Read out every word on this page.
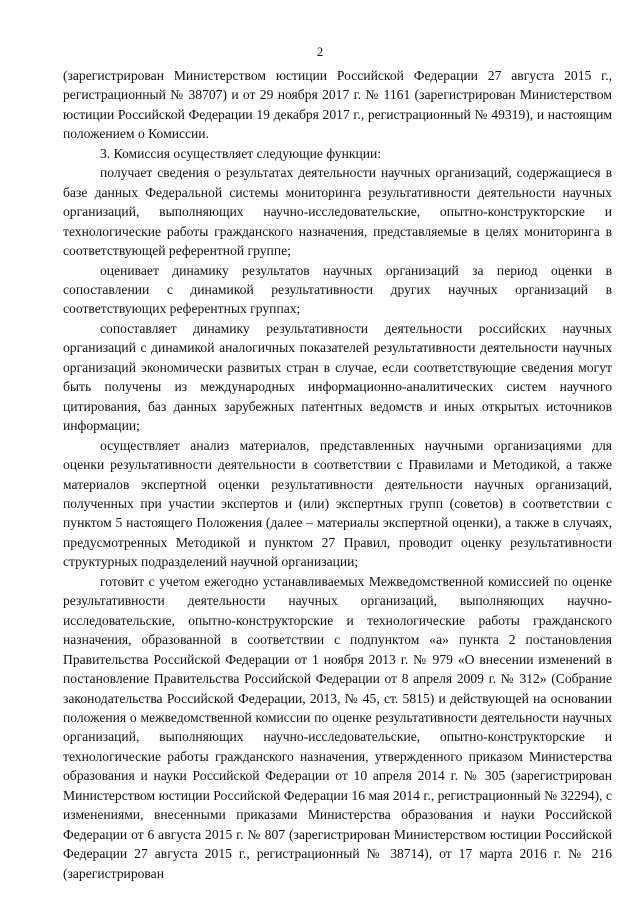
2

(зарегистрирован Министерством юстиции Российской Федерации 27 августа 2015 г., регистрационный № 38707) и от 29 ноября 2017 г. № 1161 (зарегистрирован Министерством юстиции Российской Федерации 19 декабря 2017 г., регистрационный № 49319), и настоящим положением о Комиссии.

3. Комиссия осуществляет следующие функции:

получает сведения о результатах деятельности научных организаций, содержащиеся в базе данных Федеральной системы мониторинга результативности деятельности научных организаций, выполняющих научно-исследовательские, опытно-конструкторские и технологические работы гражданского назначения, представляемые в целях мониторинга в соответствующей референтной группе;

оценивает динамику результатов научных организаций за период оценки в сопоставлении с динамикой результативности других научных организаций в соответствующих референтных группах;

сопоставляет динамику результативности деятельности российских научных организаций с динамикой аналогичных показателей результативности деятельности научных организаций экономически развитых стран в случае, если соответствующие сведения могут быть получены из международных информационно-аналитических систем научного цитирования, баз данных зарубежных патентных ведомств и иных открытых источников информации;

осуществляет анализ материалов, представленных научными организациями для оценки результативности деятельности в соответствии с Правилами и Методикой, а также материалов экспертной оценки результативности деятельности научных организаций, полученных при участии экспертов и (или) экспертных групп (советов) в соответствии с пунктом 5 настоящего Положения (далее – материалы экспертной оценки), а также в случаях, предусмотренных Методикой и пунктом 27 Правил, проводит оценку результативности структурных подразделений научной организации;

готовит с учетом ежегодно устанавливаемых Межведомственной комиссией по оценке результативности деятельности научных организаций, выполняющих научно-исследовательские, опытно-конструкторские и технологические работы гражданского назначения, образованной в соответствии с подпунктом «а» пункта 2 постановления Правительства Российской Федерации от 1 ноября 2013 г. № 979 «О внесении изменений в постановление Правительства Российской Федерации от 8 апреля 2009 г. № 312» (Собрание законодательства Российской Федерации, 2013, № 45, ст. 5815) и действующей на основании положения о межведомственной комиссии по оценке результативности деятельности научных организаций, выполняющих научно-исследовательские, опытно-конструкторские и технологические работы гражданского назначения, утвержденного приказом Министерства образования и науки Российской Федерации от 10 апреля 2014 г. № 305 (зарегистрирован Министерством юстиции Российской Федерации 16 мая 2014 г., регистрационный № 32294), с изменениями, внесенными приказами Министерства образования и науки Российской Федерации от 6 августа 2015 г. № 807 (зарегистрирован Министерством юстиции Российской Федерации 27 августа 2015 г., регистрационный № 38714), от 17 марта 2016 г. № 216 (зарегистрирован
